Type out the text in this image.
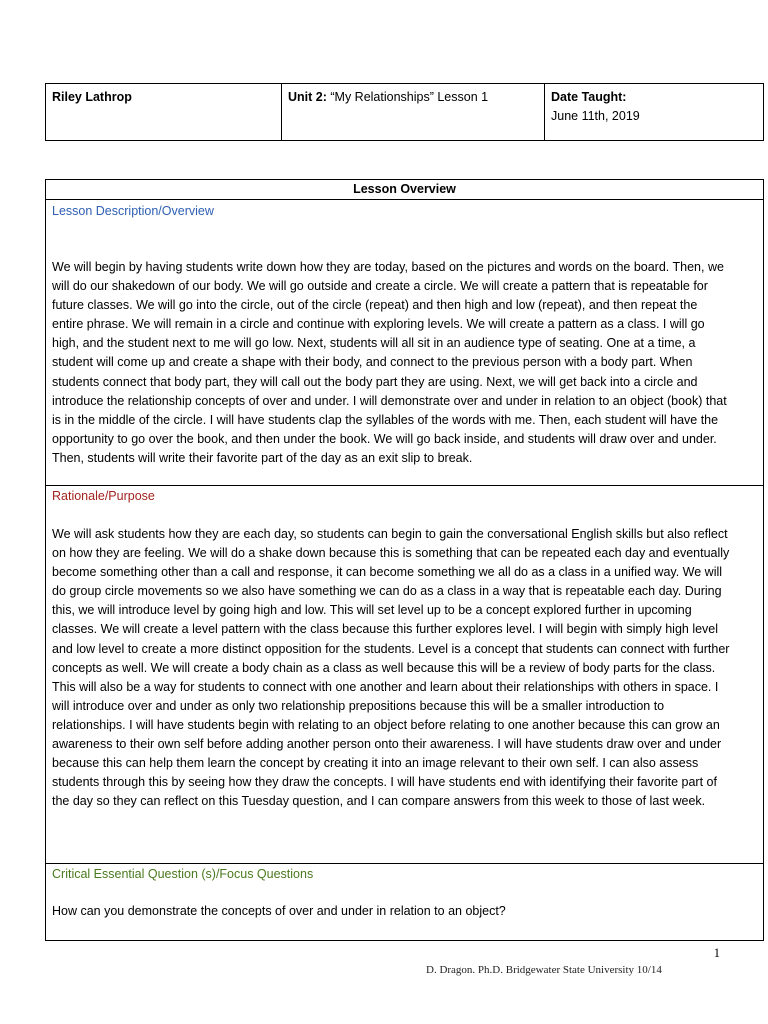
Riley Lathrop	Unit 2: “My Relationships” Lesson 1	Date Taught:
June 11th, 2019
Lesson Overview
Lesson Description/Overview

We will begin by having students write down how they are today, based on the pictures and words on the board. Then, we will do our shakedown of our body. We will go outside and create a circle. We will create a pattern that is repeatable for future classes. We will go into the circle, out of the circle (repeat) and then high and low (repeat), and then repeat the entire phrase. We will remain in a circle and continue with exploring levels. We will create a pattern as a class. I will go high, and the student next to me will go low. Next, students will all sit in an audience type of seating. One at a time, a student will come up and create a shape with their body, and connect to the previous person with a body part. When students connect that body part, they will call out the body part they are using. Next, we will get back into a circle and introduce the relationship concepts of over and under. I will demonstrate over and under in relation to an object (book) that is in the middle of the circle. I will have students clap the syllables of the words with me. Then, each student will have the opportunity to go over the book, and then under the book. We will go back inside, and students will draw over and under. Then, students will write their favorite part of the day as an exit slip to break.

Rationale/Purpose

We will ask students how they are each day, so students can begin to gain the conversational English skills but also reflect on how they are feeling. We will do a shake down because this is something that can be repeated each day and eventually become something other than a call and response, it can become something we all do as a class in a unified way. We will do group circle movements so we also have something we can do as a class in a way that is repeatable each day. During this, we will introduce level by going high and low. This will set level up to be a concept explored further in upcoming classes. We will create a level pattern with the class because this further explores level. I will begin with simply high level and low level to create a more distinct opposition for the students. Level is a concept that students can connect with further concepts as well. We will create a body chain as a class as well because this will be a review of body parts for the class. This will also be a way for students to connect with one another and learn about their relationships with others in space. I will introduce over and under as only two relationship prepositions because this will be a smaller introduction to relationships. I will have students begin with relating to an object before relating to one another because this can grow an awareness to their own self before adding another person onto their awareness. I will have students draw over and under because this can help them learn the concept by creating it into an image relevant to their own self. I can also assess students through this by seeing how they draw the concepts. I will have students end with identifying their favorite part of the day so they can reflect on this Tuesday question, and I can compare answers from this week to those of last week.

Critical Essential Question (s)/Focus Questions

How can you demonstrate the concepts of over and under in relation to an object?

1
D. Dragon. Ph.D. Bridgewater State University 10/14
